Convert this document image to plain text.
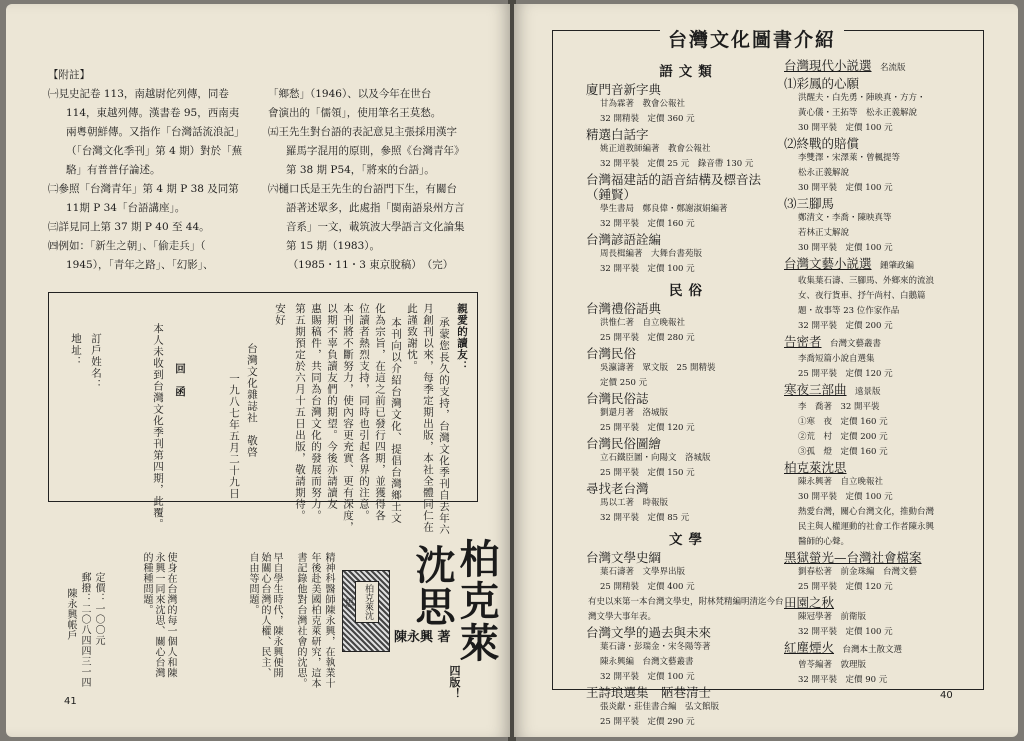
【附註】

㈠見史記卷 113，南越尉佗列傳，同卷

114，東越列傳。漢書卷 95，西南夷

兩粵朝鮮傳。又指作「台灣話流浪記」

（「台灣文化季刊」第 4 期）對於「蕪

駱」有普普仔論述。

㈡參照「台灣青年」第 4 期 P 38 及同第

11期 P 34「台語講座」。

㈢詳見同上第 37 期 P 40 至 44。

㈣例如：「新生之朝」、「偷走兵」（

1945），「青年之路」、「幻影」、

「鄉愁」（1946）、以及今年在世台

會演出的「儒領」，使用筆名王莫愁。

㈤王先生對台語的表記意見主張採用漢字

羅馬字混用的原則，參照《台灣青年》

第 38 期 P54，「將來的台語」。

㈥樋口氏是王先生的台語門下生，有關台

語著述眾多，此處指「閩南語泉州方言

音系」一文，載筑波大學語言文化論集

第 15 期（1983）。

（1985・11・3 東京脫稿）　（完）

親愛的讀友：
承蒙您長久的支持，台灣文化季刊自去年六
月創刊以來，每季定期出版，本社全體同仁在
此謹致謝忱。
本刊向以介紹台灣文化、提倡台灣鄉土文
化為宗旨，在這之前已發行四期，並獲得各
位讀者熱烈支持，同時也引起各界的注意。
本刊將不斷努力，使內容更充實、更有深度，
以期不辜負讀友們的期望。今後亦請讀友
惠賜稿件，共同為台灣文化的發展而努力。
第五期預定於六月十五日出版，敬請期待。
安好
台灣文化雜誌社　敬啓
一九八七年五月二十九日
回　函
本人未收到台灣文化季刊第四期，此覆。
訂戶姓名：
地址：
柏克萊
沈思
陳永興 著
四版！
柏克萊沈思
精神科醫師陳永興，在執業十
年後赴美國柏克萊研究，這本
書記錄他對台灣社會的沈思。
早自學生時代，陳永興便開始關心台灣的人權、民主、自由等問題。
使身在台灣的每一個人和陳永興一同來沈思、關心台灣的種種問題。
定價：一〇〇元
郵撥：二〇八四四三一四
陳永興帳戶
41
台灣文化圖書介紹
語文類
廈門音新字典
甘為霖著　教會公報社
32 開精裝　定價 360 元
精選白話字
姚正道教師編著　教會公報社
32 開平裝　定價 25 元　錄音帶 130 元
台灣福建話的語音結構及標音法　（鍾賢）
學生書局　鄭良偉・鄭謝淑娟編著
32 開平裝　定價 160 元
台灣諺語詮編
周長楫編著　大舞台書苑版
32 開平裝　定價 100 元
民俗
台灣禮俗語典
洪惟仁著　自立晚報社
25 開平裝　定價 280 元
台灣民俗
吳瀛濤著　眾文版　25 開精裝
定價 250 元
台灣民俗誌
劉還月著　洛城版
25 開平裝　定價 120 元
台灣民俗圖繪
立石鐵臣圖・向陽文　洛城版
25 開平裝　定價 150 元
尋找老台灣
馬以工著　時報版
32 開平裝　定價 85 元
文學
台灣文學史綱
葉石濤著　文學界出版
25 開精裝　定價 400 元
有史以來第一本台灣文學史，附林梵精編明清迄今台灣文學大事年表。
台灣文學的過去與未來
葉石濤・彭瑞金・宋冬陽等著
陳永興編　台灣文藝叢書
32 開平裝　定價 100 元
王詩琅選集　陋巷清士
張炎獻・莊佳書合編　弘文館版
25 開平裝　定價 290 元
台灣現代小説選　名流版
⑴彩鳳的心願
洪醒夫・白先勇・陣映真・方方・
黃心儀・王拓等　松永正義解說
30 開平裝　定價 100 元
⑵終戰的賠償
李雙澤・宋澤萊・曾楓提等
松永正義解說
30 開平裝　定價 100 元
⑶三腳馬
鄭清文・李喬・陳映真等
若林正丈解說
30 開平裝　定價 100 元
台灣文藝小説選　鍾肇政編
收集葉石濤、三腳馬、外鄉來的流浪
女、夜行貨車、抒午尚村、白鵝篇
題・故事等 23 位作家作品
32 開平裝　定價 200 元
告密者　台灣文藝叢書
李喬短篇小說自選集
25 開平裝　定價 120 元
寒夜三部曲　遠景版
李　喬著　32 開平裝
①寒　夜　定價 160 元
②荒　村　定價 200 元
③孤　燈　定價 160 元
柏克萊沈思
陳永興著　自立晚報社
30 開平裝　定價 100 元
熱愛台灣，關心台灣文化，推動台灣
民主與人權運動的社會工作者陳永興
醫師的心聲。
黑獄螢光—台灣社會檔案
劉春松著　前金珠編　台灣文藝
25 開平裝　定價 120 元
田園之秋
陳冠學著　前衛版
32 開平裝　定價 100 元
紅塵煙火　台灣本土散文選
曾苓編著　敦理版
32 開平裝　定價 90 元
40
